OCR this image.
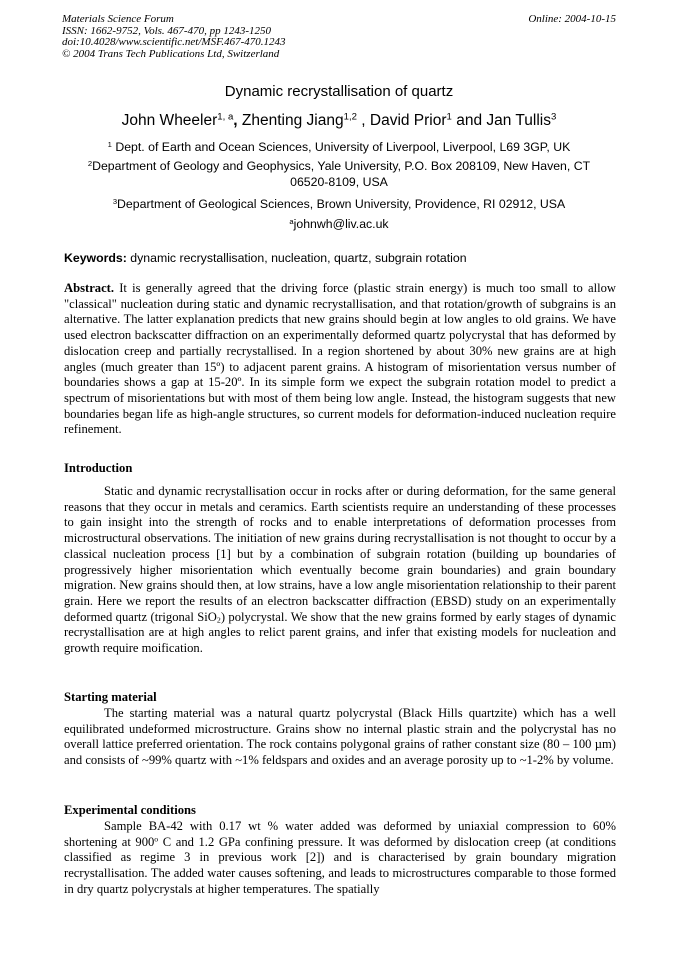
Materials Science Forum
ISSN: 1662-9752, Vols. 467-470, pp 1243-1250
doi:10.4028/www.scientific.net/MSF.467-470.1243
© 2004 Trans Tech Publications Ltd, Switzerland
Online: 2004-10-15
Dynamic recrystallisation of quartz
John Wheeler$^{1, a}$, Zhenting Jiang$^{1,2}$ , David Prior$^1$ and Jan Tullis$^3$
$^1$ Dept. of Earth and Ocean Sciences, University of Liverpool, Liverpool, L69 3GP, UK
$^2$Department of Geology and Geophysics, Yale University, P.O. Box 208109, New Haven, CT 06520-8109, USA
$^3$Department of Geological Sciences, Brown University, Providence, RI 02912, USA
$^a$johnwh@liv.ac.uk
Keywords: dynamic recrystallisation, nucleation, quartz, subgrain rotation
Abstract. It is generally agreed that the driving force (plastic strain energy) is much too small to allow "classical" nucleation during static and dynamic recrystallisation, and that rotation/growth of subgrains is an alternative. The latter explanation predicts that new grains should begin at low angles to old grains. We have used electron backscatter diffraction on an experimentally deformed quartz polycrystal that has deformed by dislocation creep and partially recrystallised. In a region shortened by about 30% new grains are at high angles (much greater than 15º) to adjacent parent grains. A histogram of misorientation versus number of boundaries shows a gap at 15-20º. In its simple form we expect the subgrain rotation model to predict a spectrum of misorientations but with most of them being low angle. Instead, the histogram suggests that new boundaries began life as high-angle structures, so current models for deformation-induced nucleation require refinement.
Introduction
Static and dynamic recrystallisation occur in rocks after or during deformation, for the same general reasons that they occur in metals and ceramics. Earth scientists require an understanding of these processes to gain insight into the strength of rocks and to enable interpretations of deformation processes from microstructural observations. The initiation of new grains during recrystallisation is not thought to occur by a classical nucleation process [1] but by a combination of subgrain rotation (building up boundaries of progressively higher misorientation which eventually become grain boundaries) and grain boundary migration. New grains should then, at low strains, have a low angle misorientation relationship to their parent grain. Here we report the results of an electron backscatter diffraction (EBSD) study on an experimentally deformed quartz (trigonal SiO$_2$) polycrystal. We show that the new grains formed by early stages of dynamic recrystallisation are at high angles to relict parent grains, and infer that existing models for nucleation and growth require moification.
Starting material
The starting material was a natural quartz polycrystal (Black Hills quartzite) which has a well equilibrated undeformed microstructure. Grains show no internal plastic strain and the polycrystal has no overall lattice preferred orientation. The rock contains polygonal grains of rather constant size (80 – 100 µm) and consists of ~99% quartz with ~1% feldspars and oxides and an average porosity up to ~1-2% by volume.
Experimental conditions
Sample BA-42 with 0.17 wt % water added was deformed by uniaxial compression to 60% shortening at 900$^o$ C and 1.2 GPa confining pressure. It was deformed by dislocation creep (at conditions classified as regime 3 in previous work [2]) and is characterised by grain boundary migration recrystallisation. The added water causes softening, and leads to microstructures comparable to those formed in dry quartz polycrystals at higher temperatures. The spatially
